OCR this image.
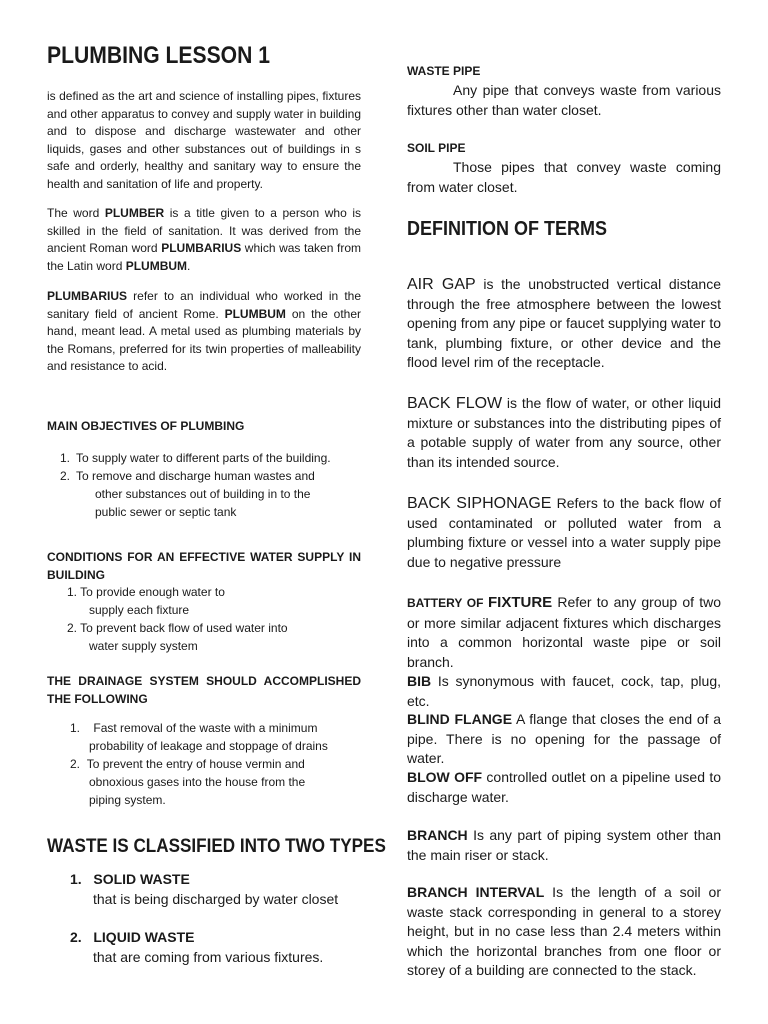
PLUMBING LESSON 1

is defined as the art and science of installing pipes, fixtures and other apparatus to convey and supply water in building and to dispose and discharge wastewater and other liquids, gases and other substances out of buildings in s safe and orderly, healthy and sanitary way to ensure the health and sanitation of life and property.

The word PLUMBER is a title given to a person who is skilled in the field of sanitation. It was derived from the ancient Roman word PLUMBARIUS which was taken from the Latin word PLUMBUM.

PLUMBARIUS refer to an individual who worked in the sanitary field of ancient Rome. PLUMBUM on the other hand, meant lead. A metal used as plumbing materials by the Romans, preferred for its twin properties of malleability and resistance to acid.

MAIN OBJECTIVES OF PLUMBING
1. To supply water to different parts of the building.
2. To remove and discharge human wastes and
other substances out of building in to the
public sewer or septic tank

CONDITIONS FOR AN EFFECTIVE WATER SUPPLY IN BUILDING

1. To provide enough water to
supply each fixture
2. To prevent back flow of used water into
water supply system

THE DRAINAGE SYSTEM SHOULD ACCOMPLISHED THE FOLLOWING

1. Fast removal of the waste with a minimum
probability of leakage and stoppage of drains
2. To prevent the entry of house vermin and
obnoxious gases into the house from the
piping system.
WASTE IS CLASSIFIED INTO TWO TYPES
1. SOLID WASTE
that is being discharged by water closet
2. LIQUID WASTE
that are coming from various fixtures.
WASTE PIPE

Any pipe that conveys waste from various fixtures other than water closet.

SOIL PIPE

Those pipes that convey waste coming from water closet.

DEFINITION OF TERMS

AIR GAP is the unobstructed vertical distance through the free atmosphere between the lowest opening from any pipe or faucet supplying water to tank, plumbing fixture, or other device and the flood level rim of the receptacle.

BACK FLOW is the flow of water, or other liquid mixture or substances into the distributing pipes of a potable supply of water from any source, other than its intended source.

BACK SIPHONAGE Refers to the back flow of used contaminated or polluted water from a plumbing fixture or vessel into a water supply pipe due to negative pressure

BATTERY OF FIXTURE Refer to any group of two or more similar adjacent fixtures which discharges into a common horizontal waste pipe or soil branch.

BIB Is synonymous with faucet, cock, tap, plug, etc.

BLIND FLANGE A flange that closes the end of a pipe. There is no opening for the passage of water.

BLOW OFF controlled outlet on a pipeline used to discharge water.

BRANCH Is any part of piping system other than the main riser or stack.

BRANCH INTERVAL Is the length of a soil or waste stack corresponding in general to a storey height, but in no case less than 2.4 meters within which the horizontal branches from one floor or storey of a building are connected to the stack.
